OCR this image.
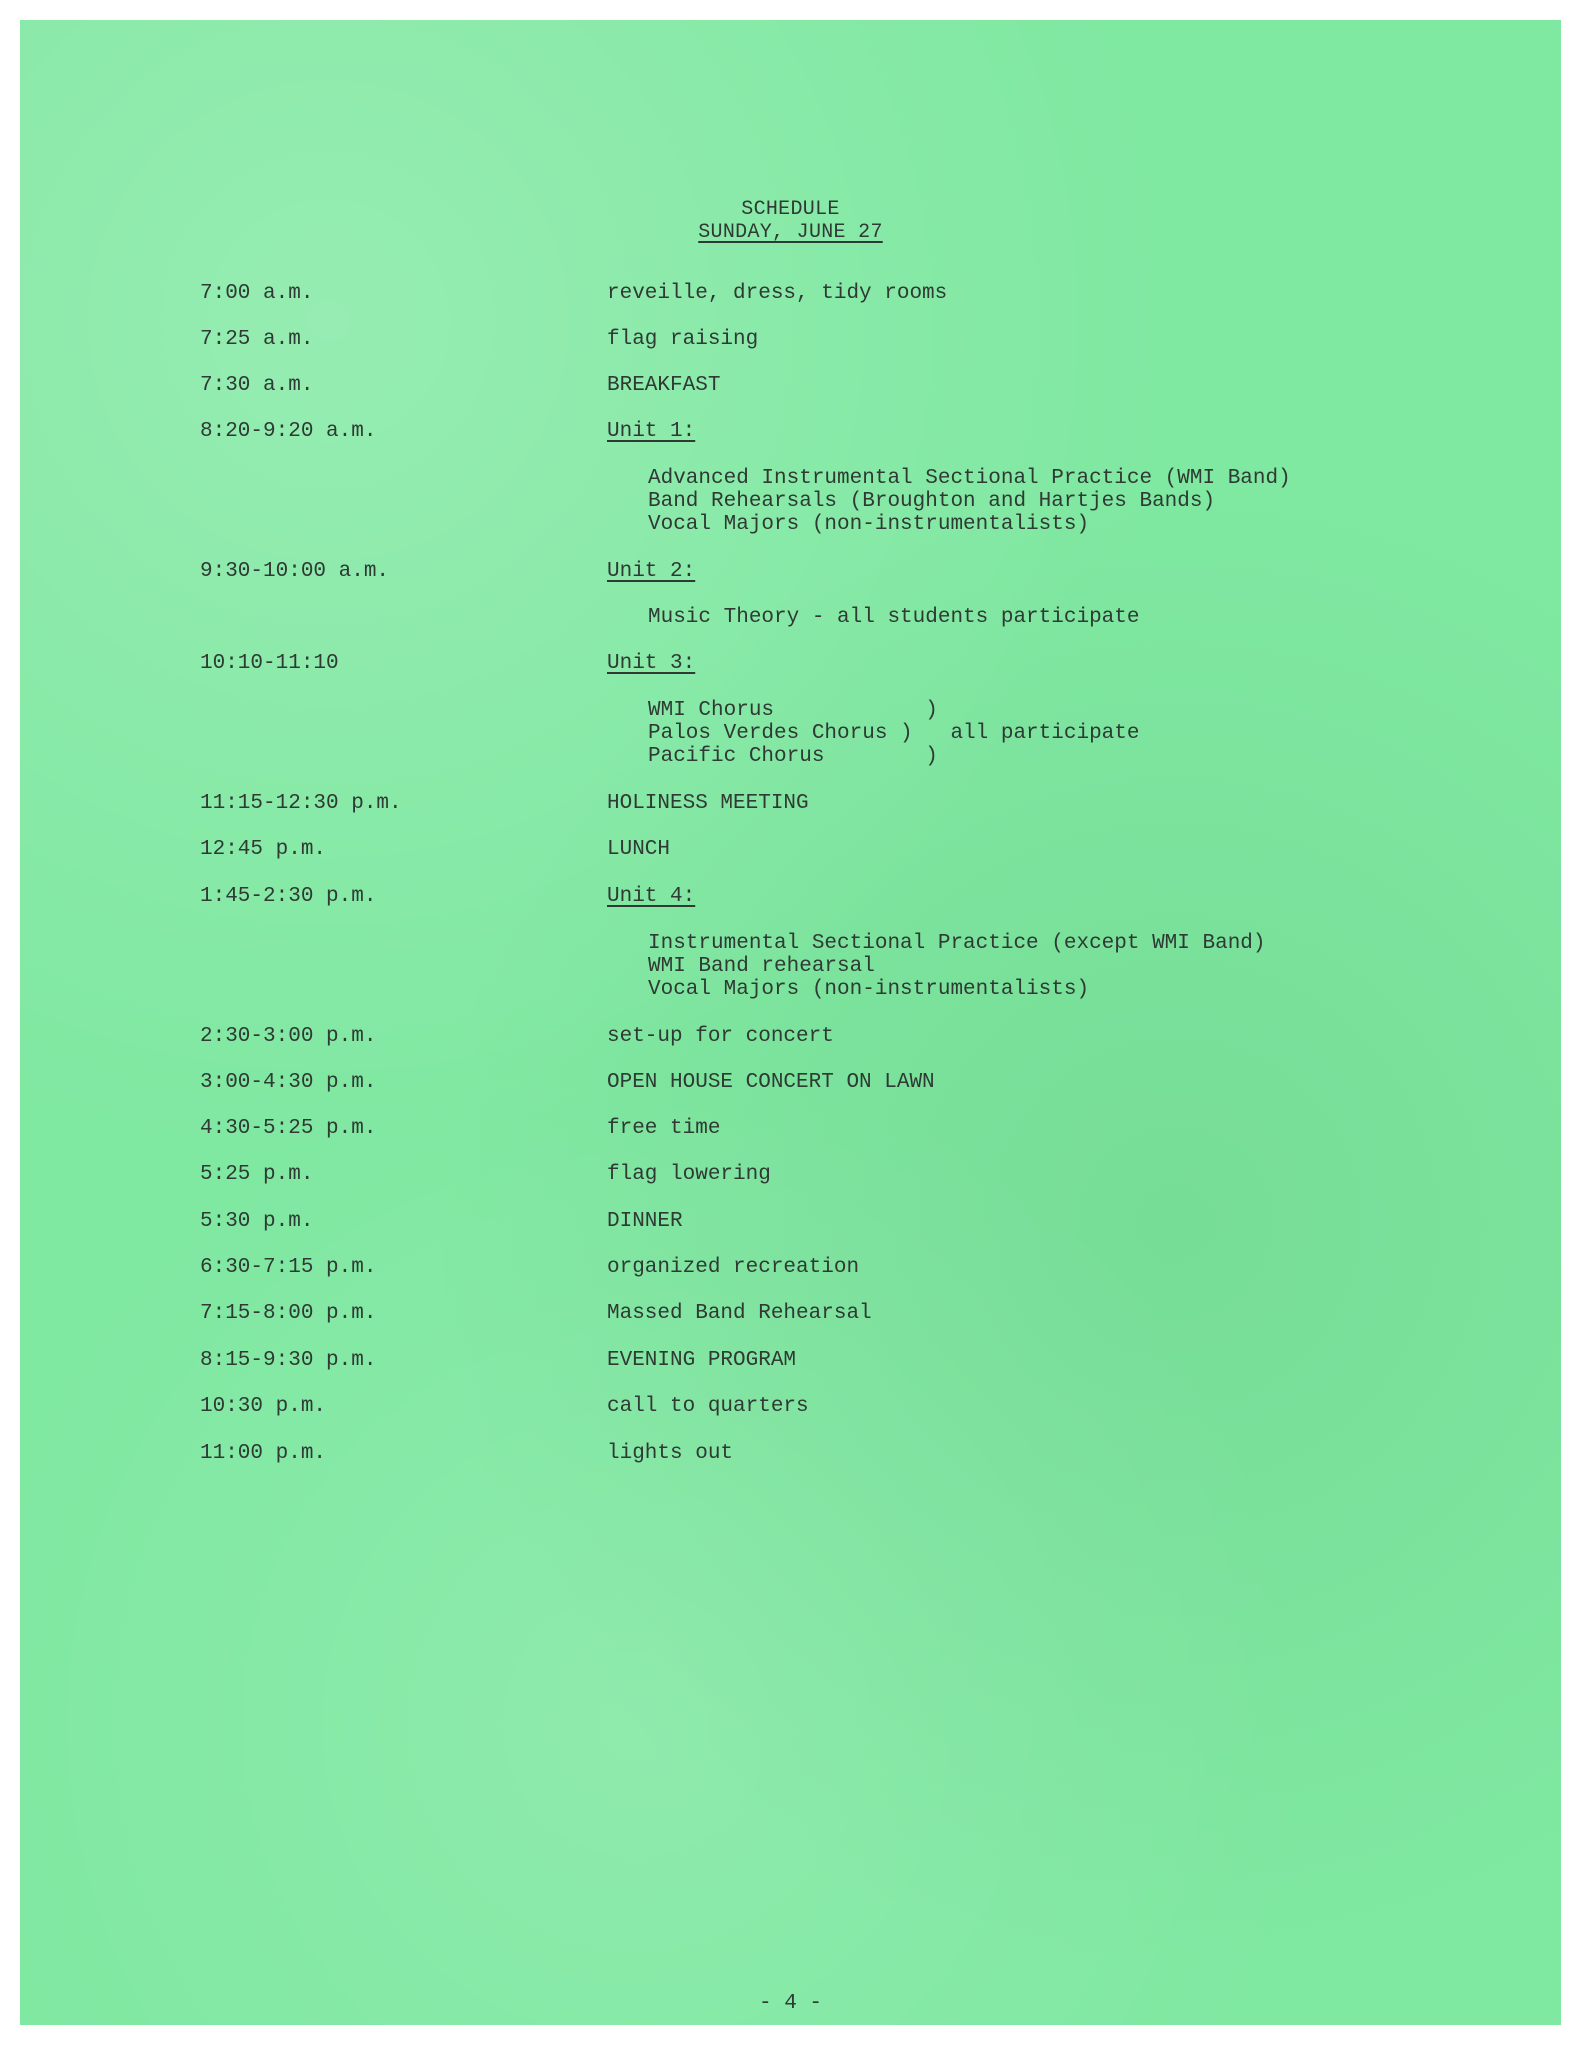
SCHEDULE
SUNDAY, JUNE 27
7:00 a.m.	reveille, dress, tidy rooms
7:25 a.m.	flag raising
7:30 a.m.	BREAKFAST
8:20-9:20 a.m.	Unit 1:
Advanced Instrumental Sectional Practice (WMI Band)
Band Rehearsals (Broughton and Hartjes Bands)
Vocal Majors (non-instrumentalists)
9:30-10:00 a.m.	Unit 2:
Music Theory - all students participate
10:10-11:10	Unit 3:
WMI Chorus            )
Palos Verdes Chorus )   all participate
Pacific Chorus        )
11:15-12:30 p.m.	HOLINESS MEETING
12:45 p.m.	LUNCH
1:45-2:30 p.m.	Unit 4:
Instrumental Sectional Practice (except WMI Band)
WMI Band rehearsal
Vocal Majors (non-instrumentalists)
2:30-3:00 p.m.	set-up for concert
3:00-4:30 p.m.	OPEN HOUSE CONCERT ON LAWN
4:30-5:25 p.m.	free time
5:25 p.m.	flag lowering
5:30 p.m.	DINNER
6:30-7:15 p.m.	organized recreation
7:15-8:00 p.m.	Massed Band Rehearsal
8:15-9:30 p.m.	EVENING PROGRAM
10:30 p.m.	call to quarters
11:00 p.m.	lights out
- 4 -
